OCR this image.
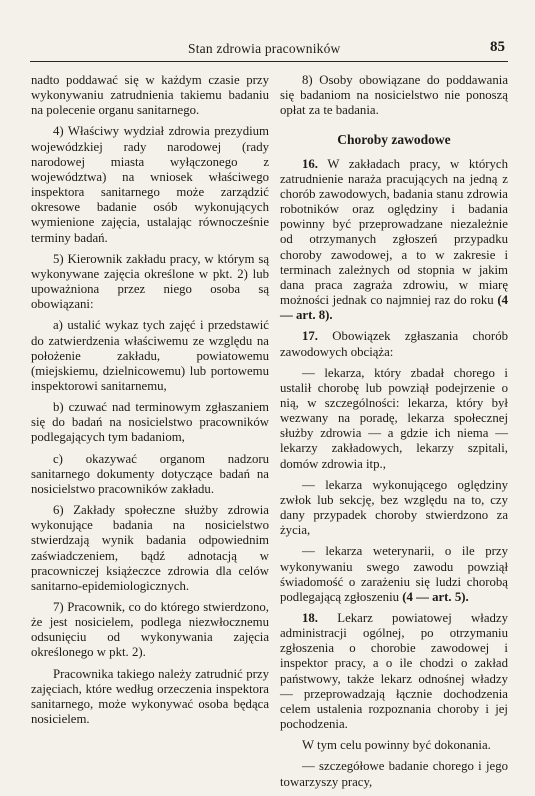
Stan zdrowia pracowników	85

nadto poddawać się w każdym czasie przy wykonywaniu zatrudnienia takiemu badaniu na polecenie organu sanitarnego.

4) Właściwy wydział zdrowia prezydium wojewódzkiej rady narodowej (rady narodowej miasta wyłączonego z województwa) na wniosek właściwego inspektora sanitarnego może zarządzić okresowe badanie osób wykonujących wymienione zajęcia, ustalając równocześnie terminy badań.

5) Kierownik zakładu pracy, w którym są wykonywane zajęcia określone w pkt. 2) lub upoważniona przez niego osoba są obowiązani:

a) ustalić wykaz tych zajęć i przedstawić do zatwierdzenia właściwemu ze względu na położenie zakładu, powiatowemu (miejskiemu, dzielnicowemu) lub portowemu inspektorowi sanitarnemu,

b) czuwać nad terminowym zgłaszaniem się do badań na nosicielstwo pracowników podlegających tym badaniom,

c) okazywać organom nadzoru sanitarnego dokumenty dotyczące badań na nosicielstwo pracowników zakładu.

6) Zakłady społeczne służby zdrowia wykonujące badania na nosicielstwo stwierdzają wynik badania odpowiednim zaświadczeniem, bądź adnotacją w pracowniczej książeczce zdrowia dla celów sanitarno-epidemiologicznych.

7) Pracownik, co do którego stwierdzono, że jest nosicielem, podlega niezwłocznemu odsunięciu od wykonywania zajęcia określonego w pkt. 2).

Pracownika takiego należy zatrudnić przy zajęciach, które według orzeczenia inspektora sanitarnego, może wykonywać osoba będąca nosicielem.

8) Osoby obowiązane do poddawania się badaniom na nosicielstwo nie ponoszą opłat za te badania.

Choroby zawodowe

16. W zakładach pracy, w których zatrudnienie naraża pracujących na jedną z chorób zawodowych, badania stanu zdrowia robotników oraz oględziny i badania powinny być przeprowadzane niezależnie od otrzymanych zgłoszeń przypadku choroby zawodowej, a to w zakresie i terminach zależnych od stopnia w jakim dana praca zagraża zdrowiu, w miarę możności jednak co najmniej raz do roku (4 — art. 8).

17. Obowiązek zgłaszania chorób zawodowych obciąża:

— lekarza, który zbadał chorego i ustalił chorobę lub powziął podejrzenie o nią, w szczególności: lekarza, który był wezwany na poradę, lekarza społecznej służby zdrowia — a gdzie ich niema — lekarzy zakładowych, lekarzy szpitali, domów zdrowia itp.,

— lekarza wykonującego oględziny zwłok lub sekcję, bez względu na to, czy dany przypadek choroby stwierdzono za życia,

— lekarza weterynarii, o ile przy wykonywaniu swego zawodu powziął świadomość o zarażeniu się ludzi chorobą podlegającą zgłoszeniu (4 — art. 5).

18. Lekarz powiatowej władzy administracji ogólnej, po otrzymaniu zgłoszenia o chorobie zawodowej i inspektor pracy, a o ile chodzi o zakład państwowy, także lekarz odnośnej władzy — przeprowadzają łącznie dochodzenia celem ustalenia rozpoznania choroby i jej pochodzenia.

W tym celu powinny być dokonania.

— szczegółowe badanie chorego i jego towarzyszy pracy,
